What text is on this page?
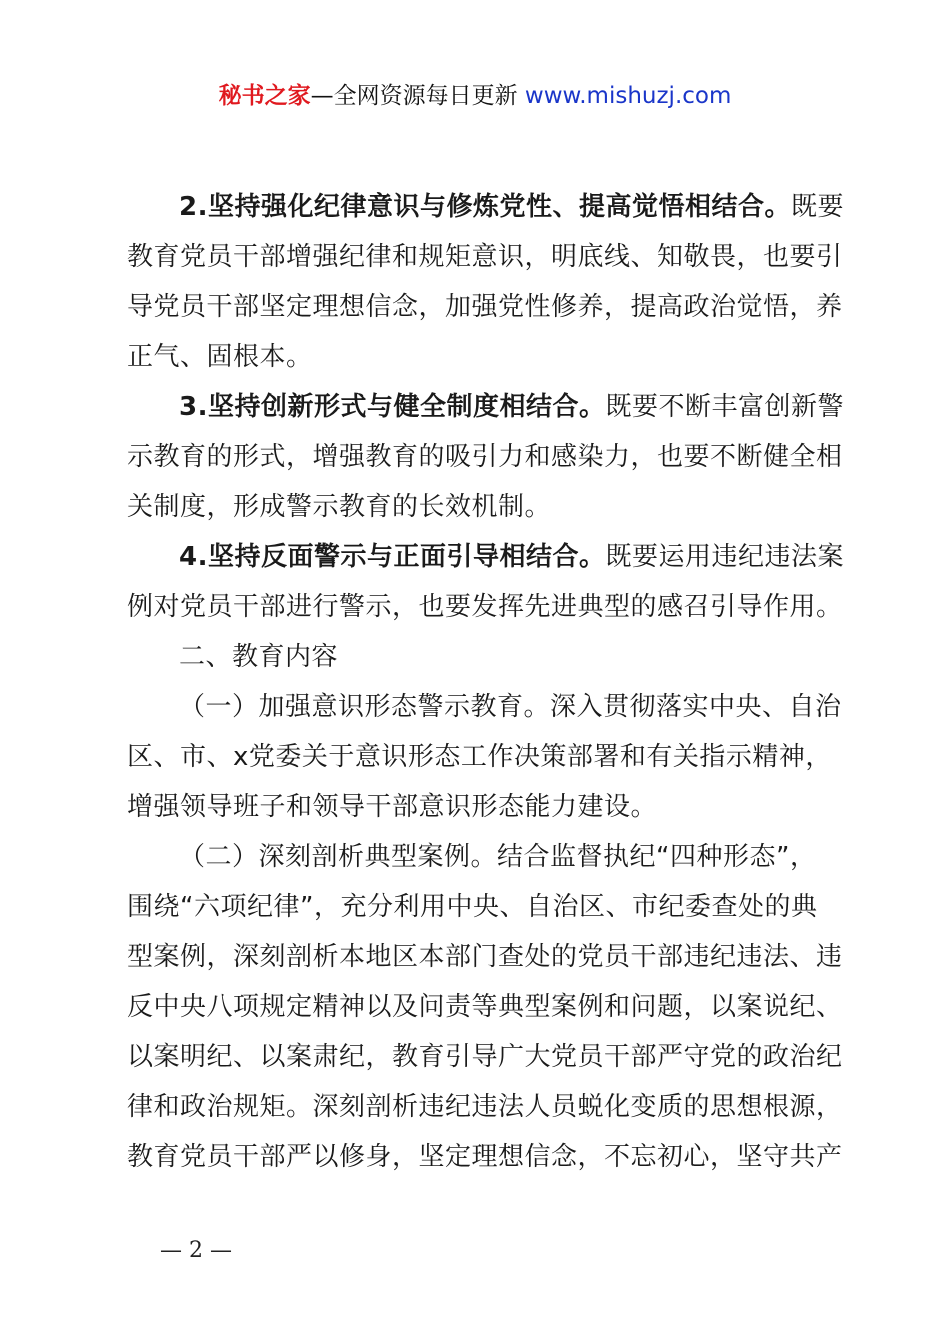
秘书之家—全网资源每日更新 www.mishuzj.com
2.坚持强化纪律意识与修炼党性、提高觉悟相结合。既要
教育党员干部增强纪律和规矩意识，明底线、知敬畏，也要引
导党员干部坚定理想信念，加强党性修养，提高政治觉悟，养
正气、固根本。
3.坚持创新形式与健全制度相结合。既要不断丰富创新警
示教育的形式，增强教育的吸引力和感染力，也要不断健全相
关制度，形成警示教育的长效机制。
4.坚持反面警示与正面引导相结合。既要运用违纪违法案
例对党员干部进行警示，也要发挥先进典型的感召引导作用。
二、教育内容
（一）加强意识形态警示教育。深入贯彻落实中央、自治
区、市、x党委关于意识形态工作决策部署和有关指示精神，
增强领导班子和领导干部意识形态能力建设。
（二）深刻剖析典型案例。结合监督执纪“四种形态”，
围绕“六项纪律”，充分利用中央、自治区、市纪委查处的典
型案例，深刻剖析本地区本部门查处的党员干部违纪违法、违
反中央八项规定精神以及问责等典型案例和问题，以案说纪、
以案明纪、以案肃纪，教育引导广大党员干部严守党的政治纪
律和政治规矩。深刻剖析违纪违法人员蜕化变质的思想根源，
教育党员干部严以修身，坚定理想信念，不忘初心，坚守共产
— 2 —
